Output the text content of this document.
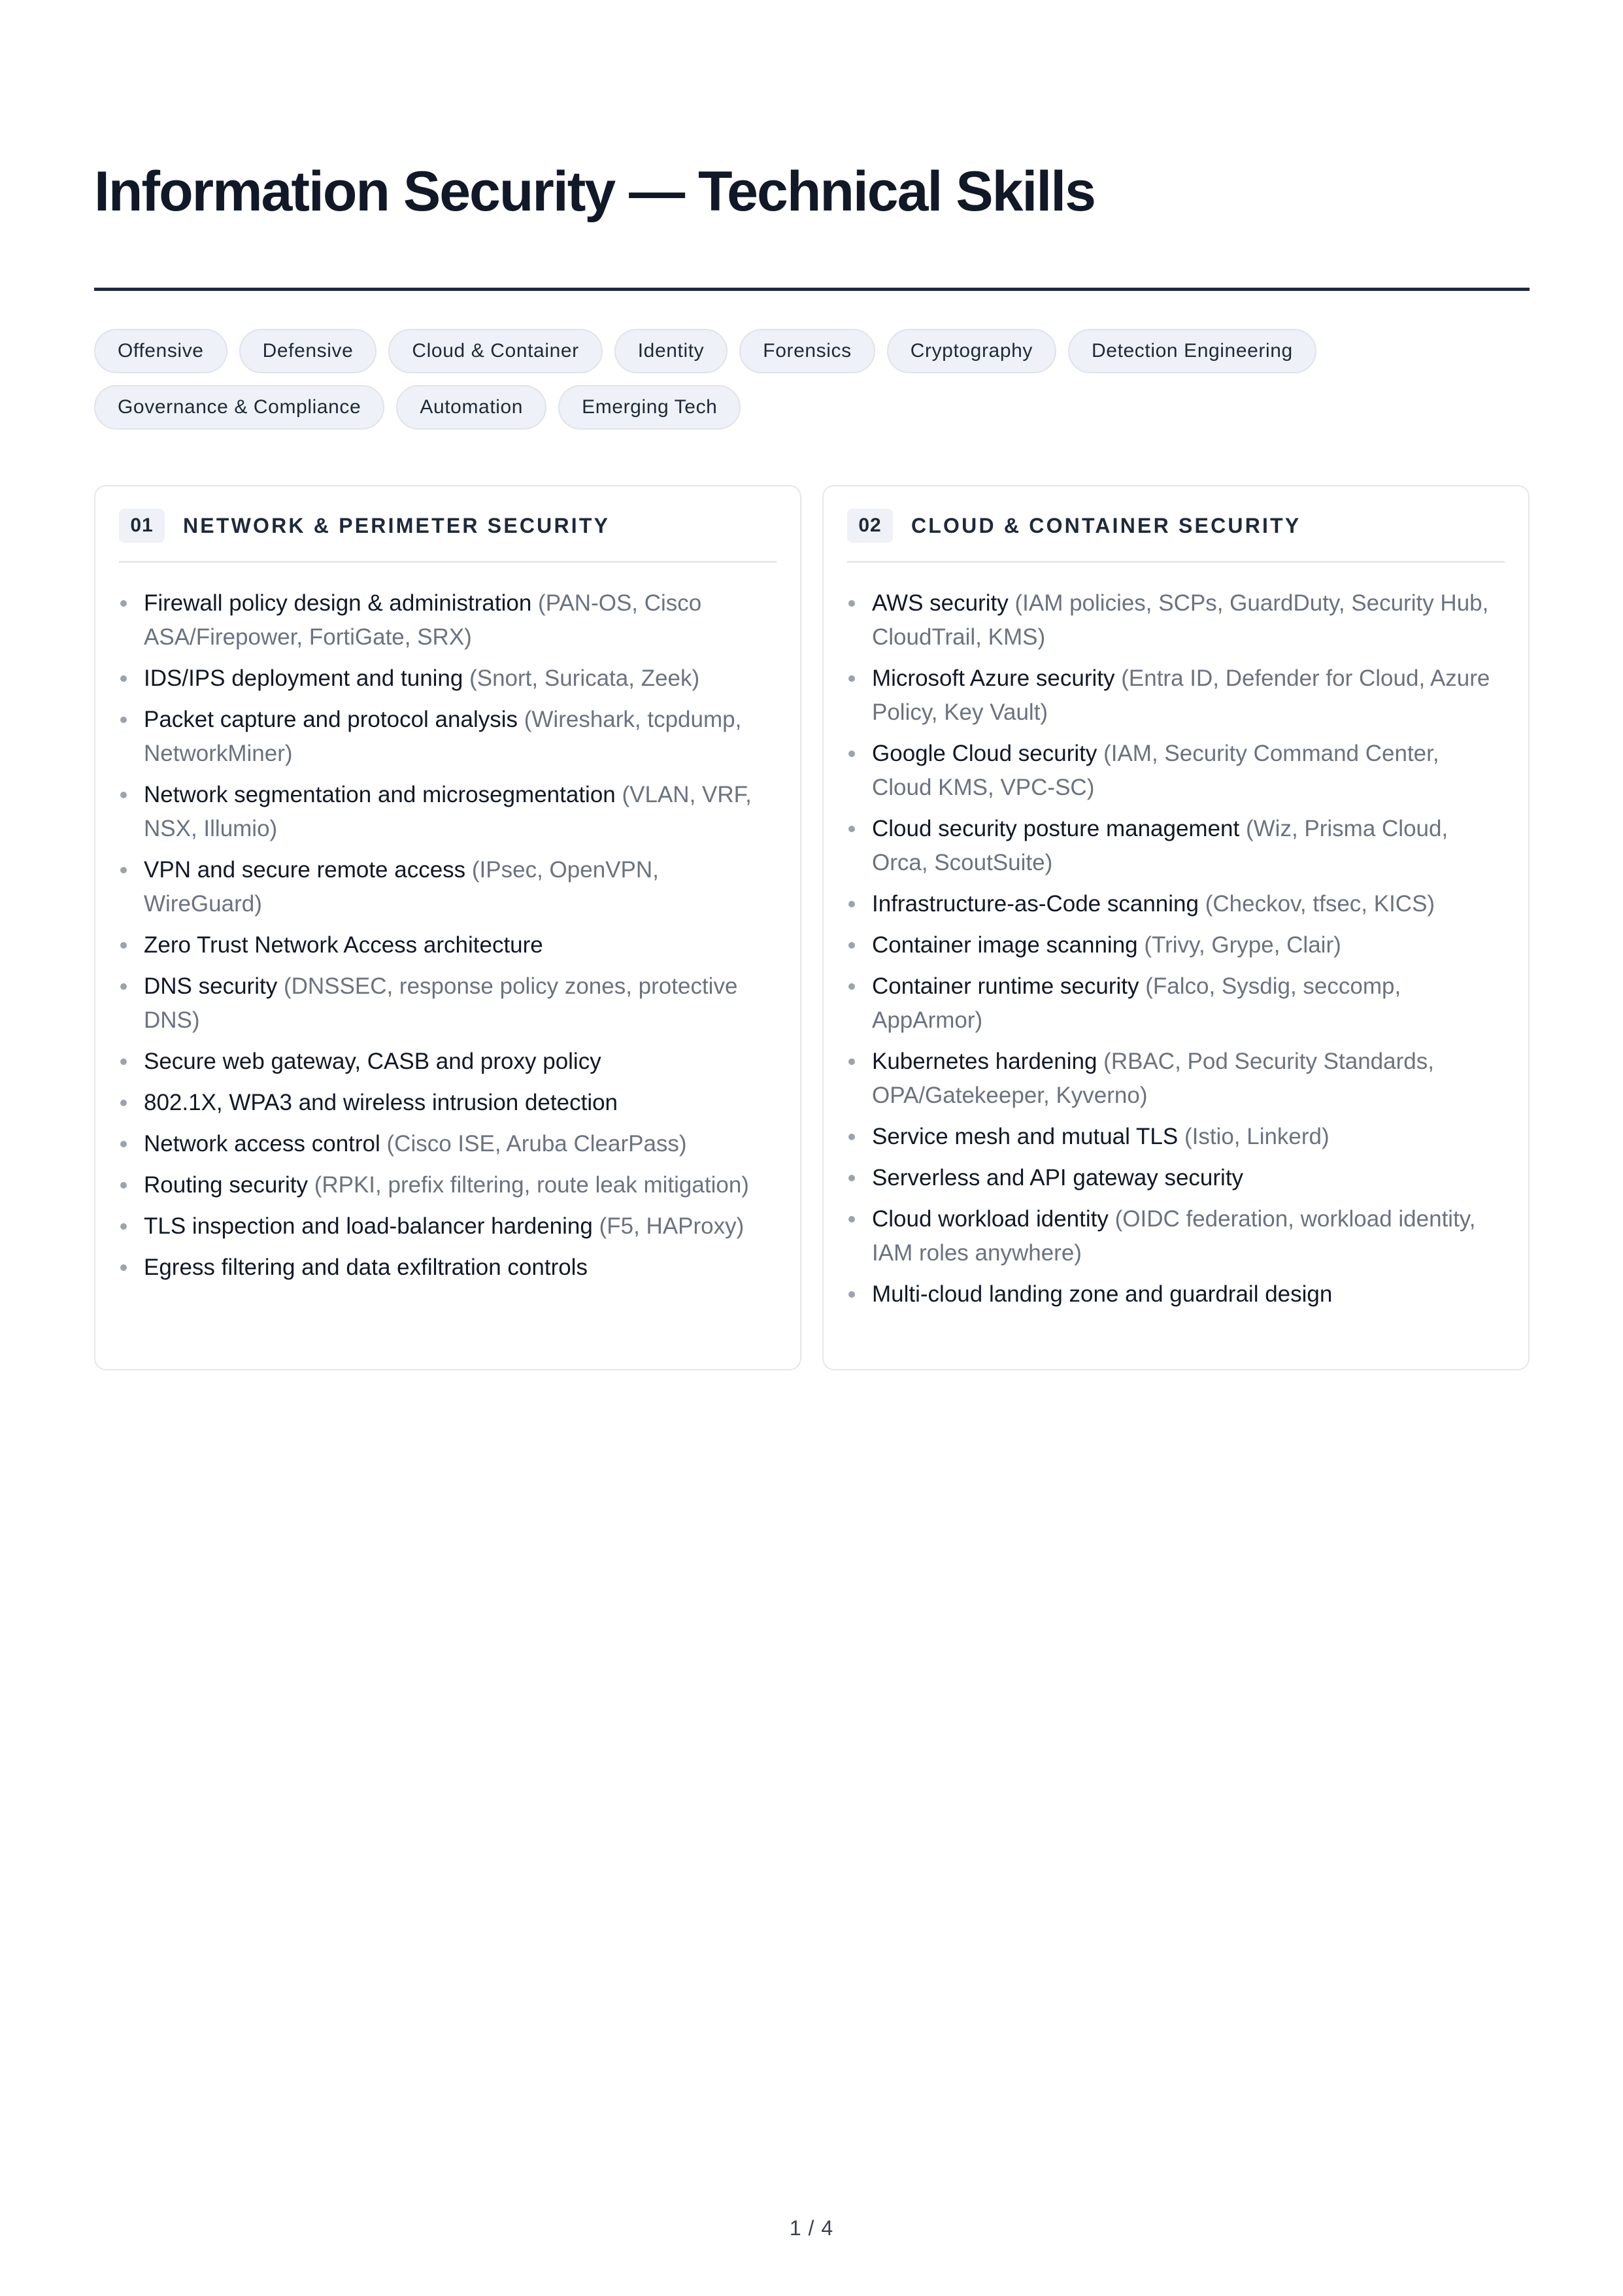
Information Security — Technical Skills
Offensive	Defensive	Cloud & Container	Identity	Forensics	Cryptography	Detection Engineering
Governance & Compliance	Automation	Emerging Tech
01	NETWORK & PERIMETER SECURITY
Firewall policy design & administration (PAN-OS, Cisco ASA/Firepower, FortiGate, SRX)
IDS/IPS deployment and tuning (Snort, Suricata, Zeek)
Packet capture and protocol analysis (Wireshark, tcpdump, NetworkMiner)
Network segmentation and microsegmentation (VLAN, VRF, NSX, Illumio)
VPN and secure remote access (IPsec, OpenVPN, WireGuard)
Zero Trust Network Access architecture
DNS security (DNSSEC, response policy zones, protective DNS)
Secure web gateway, CASB and proxy policy
802.1X, WPA3 and wireless intrusion detection
Network access control (Cisco ISE, Aruba ClearPass)
Routing security (RPKI, prefix filtering, route leak mitigation)
TLS inspection and load-balancer hardening (F5, HAProxy)
Egress filtering and data exfiltration controls
02	CLOUD & CONTAINER SECURITY
AWS security (IAM policies, SCPs, GuardDuty, Security Hub, CloudTrail, KMS)
Microsoft Azure security (Entra ID, Defender for Cloud, Azure Policy, Key Vault)
Google Cloud security (IAM, Security Command Center, Cloud KMS, VPC-SC)
Cloud security posture management (Wiz, Prisma Cloud, Orca, ScoutSuite)
Infrastructure-as-Code scanning (Checkov, tfsec, KICS)
Container image scanning (Trivy, Grype, Clair)
Container runtime security (Falco, Sysdig, seccomp, AppArmor)
Kubernetes hardening (RBAC, Pod Security Standards, OPA/Gatekeeper, Kyverno)
Service mesh and mutual TLS (Istio, Linkerd)
Serverless and API gateway security
Cloud workload identity (OIDC federation, workload identity, IAM roles anywhere)
Multi-cloud landing zone and guardrail design
1 / 4
